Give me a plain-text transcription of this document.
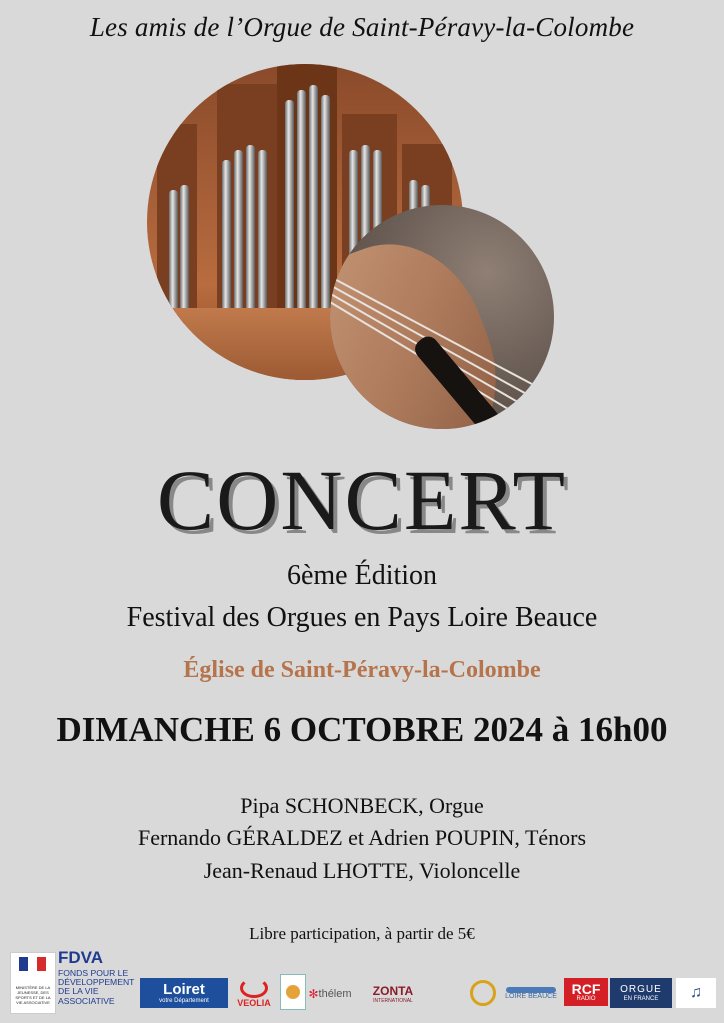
Les amis de l’Orgue de Saint-Péravy-la-Colombe
CONCERT
6ème Édition
Festival des Orgues en Pays Loire Beauce
Église de Saint-Péravy-la-Colombe
DIMANCHE 6 OCTOBRE 2024 à 16h00
Pipa SCHONBECK, Orgue
Fernando GÉRALDEZ et Adrien POUPIN, Ténors
Jean-Renaud LHOTTE, Violoncelle
Libre participation, à partir de 5€
MINISTÈRE DE LA JEUNESSE, DES SPORTS ET DE LA VIE ASSOCIATIVE
FDVA
FONDS POUR LE DÉVELOPPEMENT DE LA VIE ASSOCIATIVE
Loiret
votre Département	VEOLIA
✻ thélem ZONTA
INTERNATIONAL
LOIRE BEAUCE RCF
RADIO
ORGUE
EN FRANCE	♫
